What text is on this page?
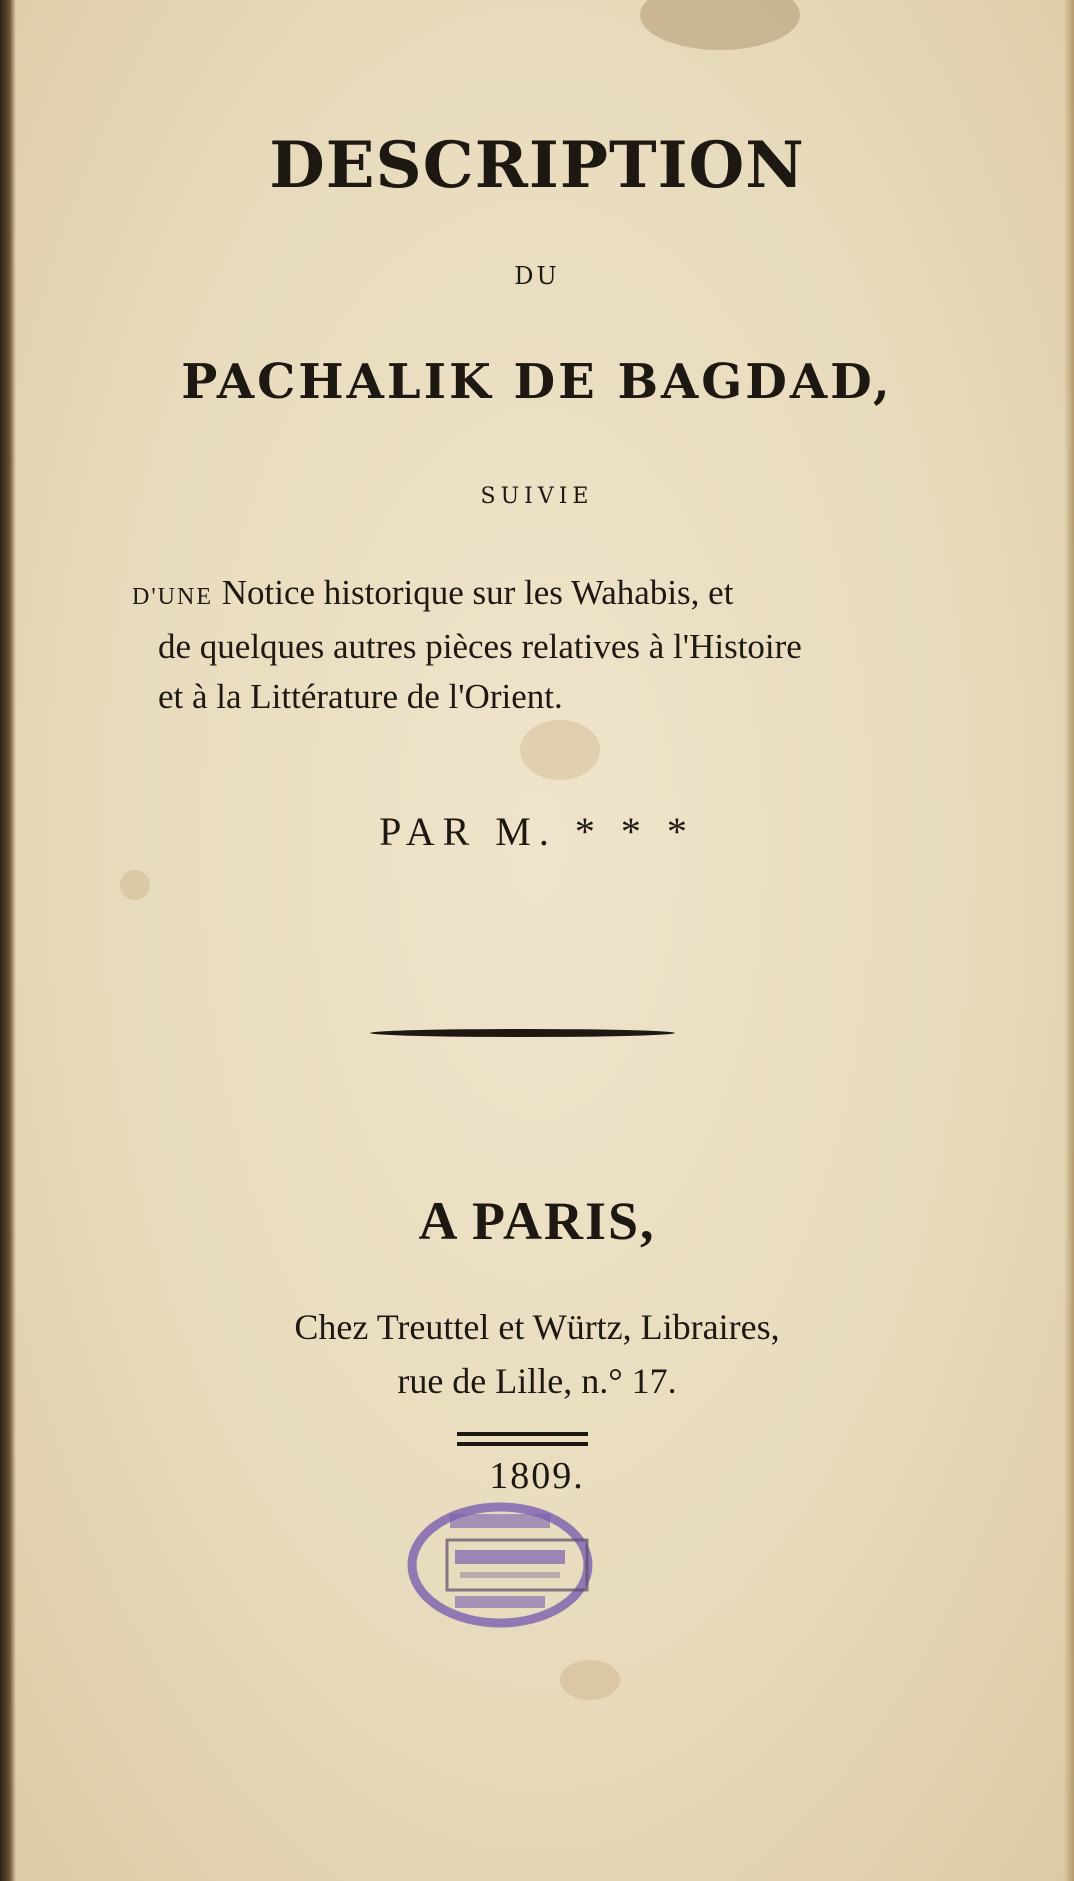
DESCRIPTION
DU
PACHALIK DE BAGDAD,
SUIVIE
D'UNE Notice historique sur les Wahabis, et
de quelques autres pièces relatives à l'Histoire
et à la Littérature de l'Orient.
PAR M. * * *
A PARIS,
Chez Treuttel et Würtz, Libraires,
rue de Lille, n.° 17.
1809.
